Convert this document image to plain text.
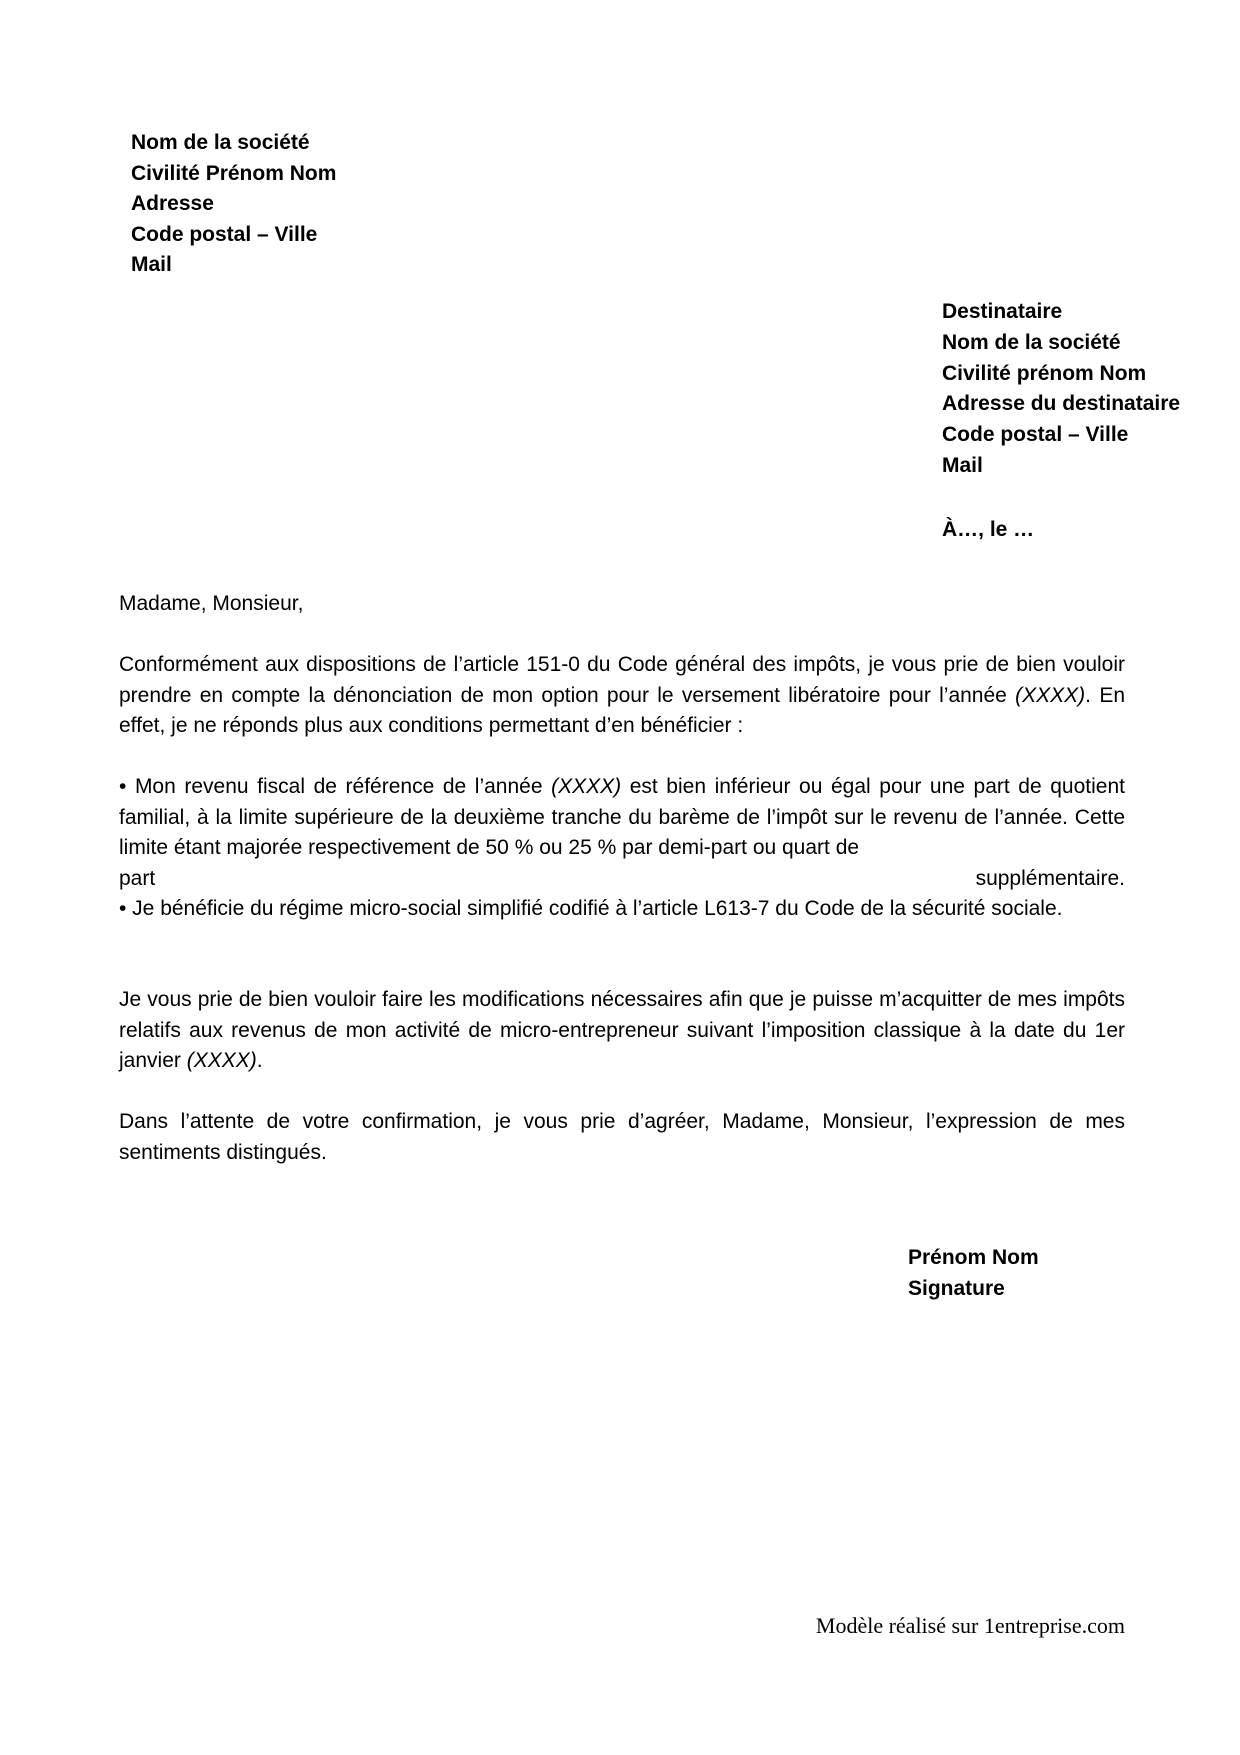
Nom de la société
Civilité Prénom Nom
Adresse
Code postal – Ville
Mail
Destinataire
Nom de la société
Civilité prénom Nom
Adresse du destinataire
Code postal – Ville
Mail
À…, le …
Madame, Monsieur,

Conformément aux dispositions de l’article 151-0 du Code général des impôts, je vous prie de bien vouloir prendre en compte la dénonciation de mon option pour le versement libératoire pour l’année (XXXX). En effet, je ne réponds plus aux conditions permettant d’en bénéficier :

• Mon revenu fiscal de référence de l’année (XXXX) est bien inférieur ou égal pour une part de quotient familial, à la limite supérieure de la deuxième tranche du barème de l’impôt sur le revenu de l’année. Cette limite étant majorée respectivement de 50 % ou 25 % par demi-part ou quart de
part	supplémentaire.
• Je bénéficie du régime micro-social simplifié codifié à l’article L613-7 du Code de la sécurité sociale.

Je vous prie de bien vouloir faire les modifications nécessaires afin que je puisse m’acquitter de mes impôts relatifs aux revenus de mon activité de micro-entrepreneur suivant l’imposition classique à la date du 1er janvier (XXXX).

Dans l’attente de votre confirmation, je vous prie d’agréer, Madame, Monsieur, l’expression de mes sentiments distingués.

Prénom Nom
Signature
Modèle réalisé sur 1entreprise.com
